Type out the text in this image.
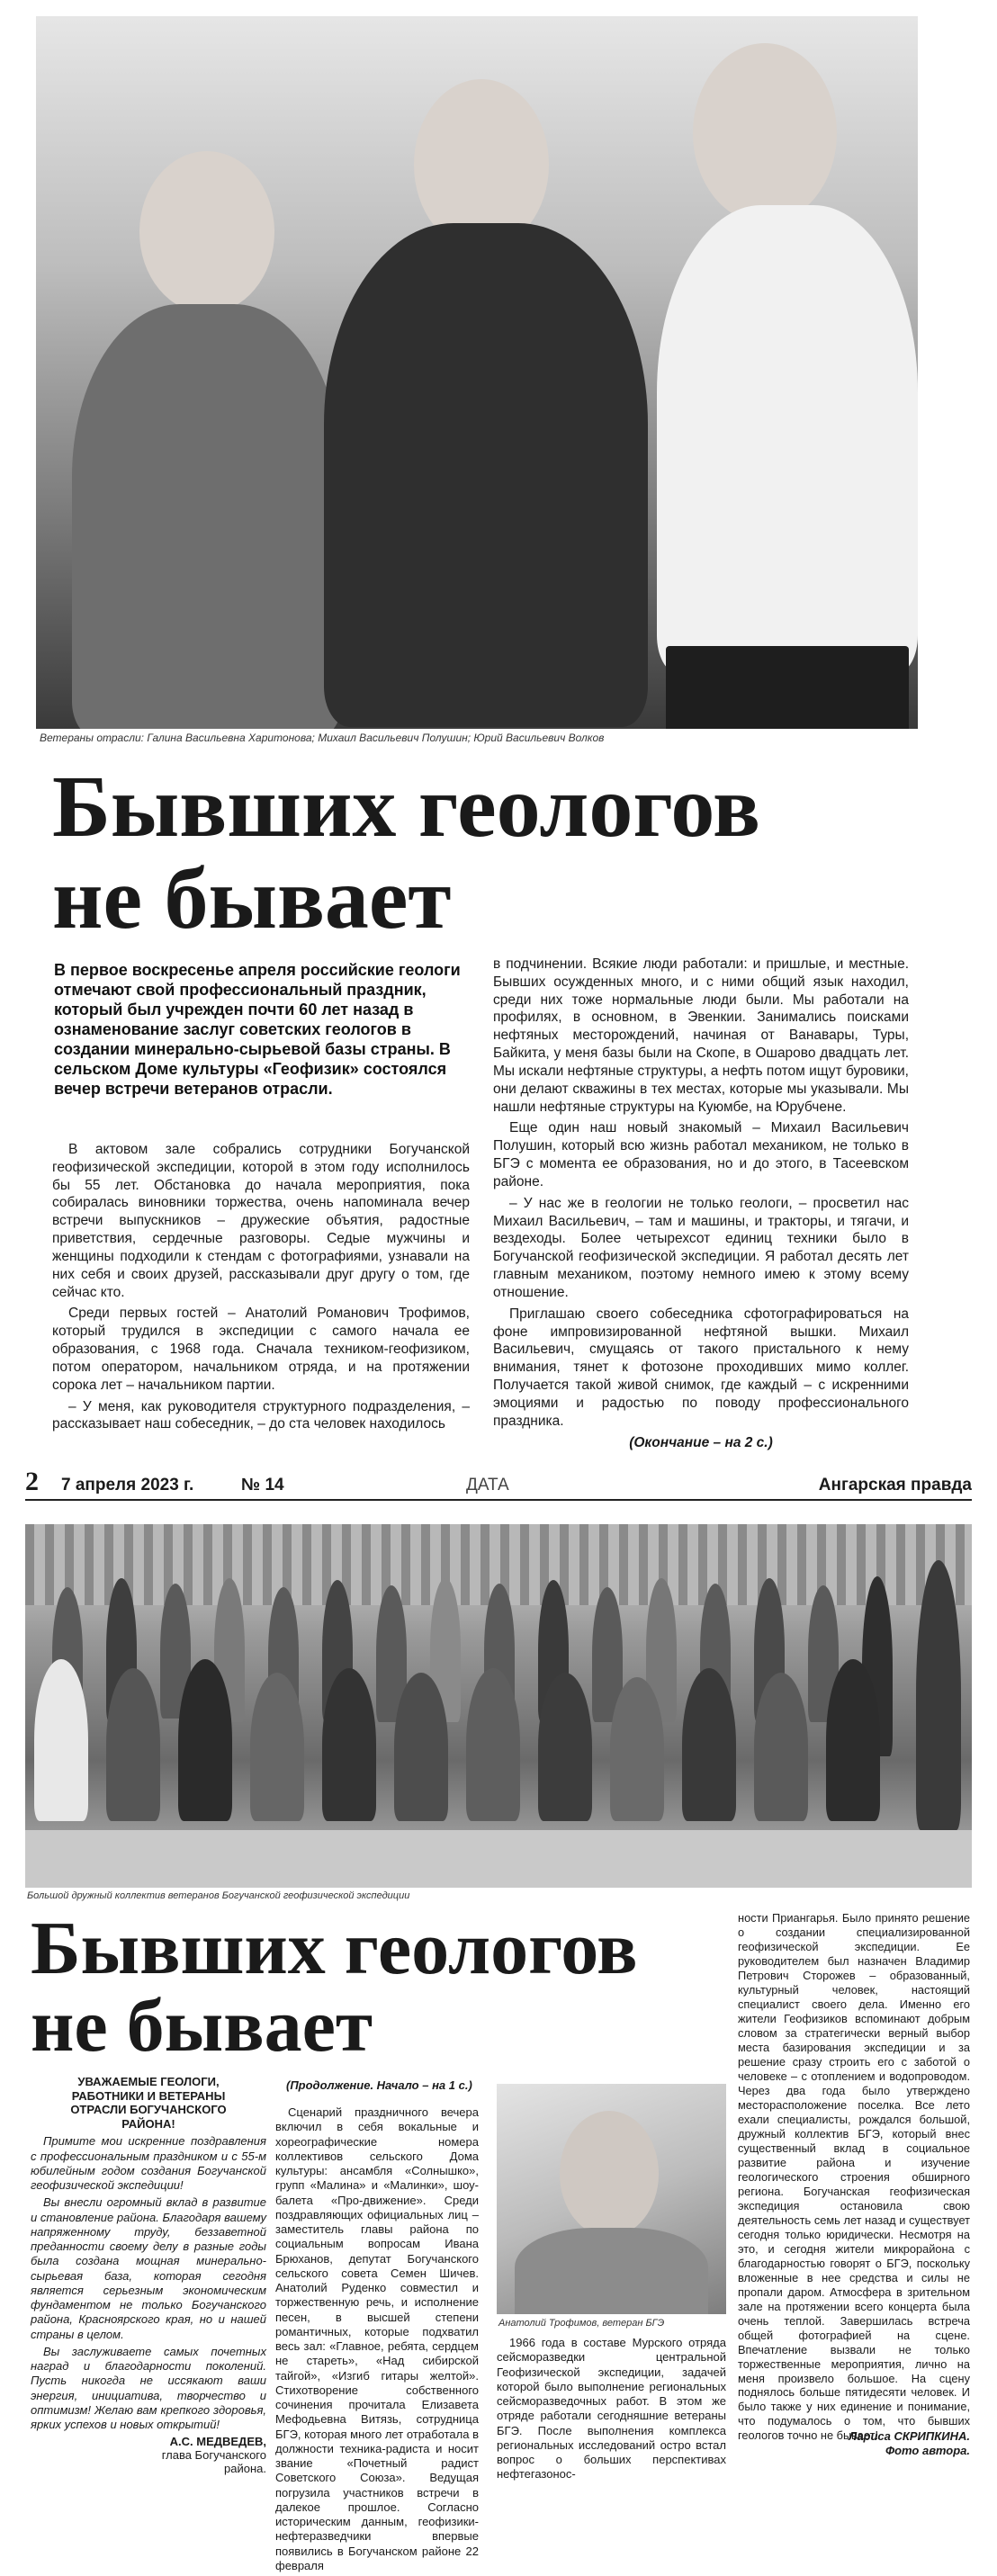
Ветераны отрасли: Галина Васильевна Харитонова; Михаил Васильевич Полушин; Юрий Васильевич Волков
Бывших геологов
не бывает
В первое воскресенье апреля российские геологи отмечают свой профессиональный праздник, который был учрежден почти 60 лет назад в ознаменование заслуг советских геологов в создании минерально-сырьевой базы страны. В сельском Доме культуры «Геофизик» состоялся вечер встречи ветеранов отрасли.

В актовом зале собрались сотрудники Богучанской геофизической экспедиции, которой в этом году исполнилось бы 55 лет. Обстановка до начала мероприятия, пока собиралась виновники торжества, очень напоминала вечер встречи выпускников – дружеские объятия, радостные приветствия, сердечные разговоры. Седые мужчины и женщины подходили к стендам с фотографиями, узнавали на них себя и своих друзей, рассказывали друг другу о том, где сейчас кто.

Среди первых гостей – Анатолий Романович Трофимов, который трудился в экспедиции с самого начала ее образования, с 1968 года. Сначала техником-геофизиком, потом оператором, начальником отряда, и на протяжении сорока лет – начальником партии.

– У меня, как руководителя структурного подразделения, – рассказывает наш собеседник, – до ста человек находилось

в подчинении. Всякие люди работали: и пришлые, и местные. Бывших осужденных много, и с ними общий язык находил, среди них тоже нормальные люди были. Мы работали на профилях, в основном, в Эвенкии. Занимались поисками нефтяных месторождений, начиная от Ванавары, Туры, Байкита, у меня базы были на Скопе, в Ошарово двадцать лет. Мы искали нефтяные структуры, а нефть потом ищут буровики, они делают скважины в тех местах, которые мы указывали. Мы нашли нефтяные структуры на Куюмбе, на Юрубчене.

Еще один наш новый знакомый – Михаил Васильевич Полушин, который всю жизнь работал механиком, не только в БГЭ с момента ее образования, но и до этого, в Тасеевском районе.

– У нас же в геологии не только геологи, – просветил нас Михаил Васильевич, – там и машины, и тракторы, и тягачи, и вездеходы. Более четырехсот единиц техники было в Богучанской геофизической экспедиции. Я работал десять лет главным механиком, поэтому немного имею к этому всему отношение.

Приглашаю своего собеседника сфотографироваться на фоне импровизированной нефтяной вышки. Михаил Васильевич, смущаясь от такого пристального к нему внимания, тянет к фотозоне проходивших мимо коллег. Получается такой живой снимок, где каждый – с искренними эмоциями и радостью по поводу профессионального праздника.

(Окончание – на 2 с.)
2 7 апреля 2023 г.	№ 14	ДАТА	Ангарская правда
Большой дружный коллектив ветеранов Богучанской геофизической экспедиции
Бывших геологов
не бывает
УВАЖАЕМЫЕ ГЕОЛОГИ, РАБОТНИКИ И ВЕТЕРАНЫ ОТРАСЛИ БОГУЧАНСКОГО РАЙОНА!

Примите мои искренние поздравления с профессиональным праздником и с 55-м юбилейным годом создания Богучанской геофизической экспедиции!

Вы внесли огромный вклад в развитие и становление района. Благодаря вашему напряженному труду, беззаветной преданности своему делу в разные годы была создана мощная минерально-сырьевая база, которая сегодня является серьезным экономическим фундаментом не только Богучанского района, Красноярского края, но и нашей страны в целом.

Вы заслуживаете самых почетных наград и благодарности поколений. Пусть никогда не иссякают ваши энергия, инициатива, творчество и оптимизм! Желаю вам крепкого здоровья, ярких успехов и новых открытий!

А.С. МЕДВЕДЕВ,
глава Богучанского района.
(Продолжение. Начало – на 1 с.)

Сценарий праздничного вечера включил в себя вокальные и хореографические номера коллективов сельского Дома культуры: ансамбля «Солнышко», групп «Малина» и «Малинки», шоу-балета «Про-движение». Среди поздравляющих официальных лиц – заместитель главы района по социальным вопросам Ивана Брюханов, депутат Богучанского сельского совета Семен Шичев. Анатолий Руденко совместил и торжественную речь, и исполнение песен, в высшей степени романтичных, которые подхватил весь зал: «Главное, ребята, сердцем не стареть», «Над сибирской тайгой», «Изгиб гитары желтой». Стихотворение собственного сочинения прочитала Елизавета Мефодьевна Витязь, сотрудница БГЭ, которая много лет отработала в должности техника-радиста и носит звание «Почетный радист Советского Союза». Ведущая погрузила участников встречи в далекое прошлое. Согласно историческим данным, геофизики-нефтеразведчики впервые появились в Богучанском районе 22 февраля

Анатолий Трофимов, ветеран БГЭ

1966 года в составе Мурского отряда сейсморазведки центральной Геофизической экспедиции, задачей которой было выполнение региональных сейсморазведочных работ. В этом же отряде работали сегодняшние ветераны БГЭ. После выполнения комплекса региональных исследований остро встал вопрос о больших перспективах нефтегазонос-

ности Приангарья. Было принято решение о создании специализированной геофизической экспедиции. Ее руководителем был назначен Владимир Петрович Сторожев – образованный, культурный человек, настоящий специалист своего дела. Именно его жители Геофизиков вспоминают добрым словом за стратегически верный выбор места базирования экспедиции и за решение сразу строить его с заботой о человеке – с отоплением и водопроводом. Через два года было утверждено месторасположение поселка. Все лето ехали специалисты, рождался большой, дружный коллектив БГЭ, который внес существенный вклад в социальное развитие района и изучение геологического строения обширного региона. Богучанская геофизическая экспедиция остановила свою деятельность семь лет назад и существует сегодня только юридически. Несмотря на это, и сегодня жители микрорайона с благодарностью говорят о БГЭ, поскольку вложенные в нее средства и силы не пропали даром. Атмосфера в зрительном зале на протяжении всего концерта была очень теплой. Завершилась встреча общей фотографией на сцене. Впечатление вызвали не только торжественные мероприятия, лично на меня произвело большое. На сцену поднялось больше пятидесяти человек. И было также у них единение и понимание, что подумалось о том, что бывших геологов точно не бывает!

Лариса СКРИПКИНА.
Фото автора.
